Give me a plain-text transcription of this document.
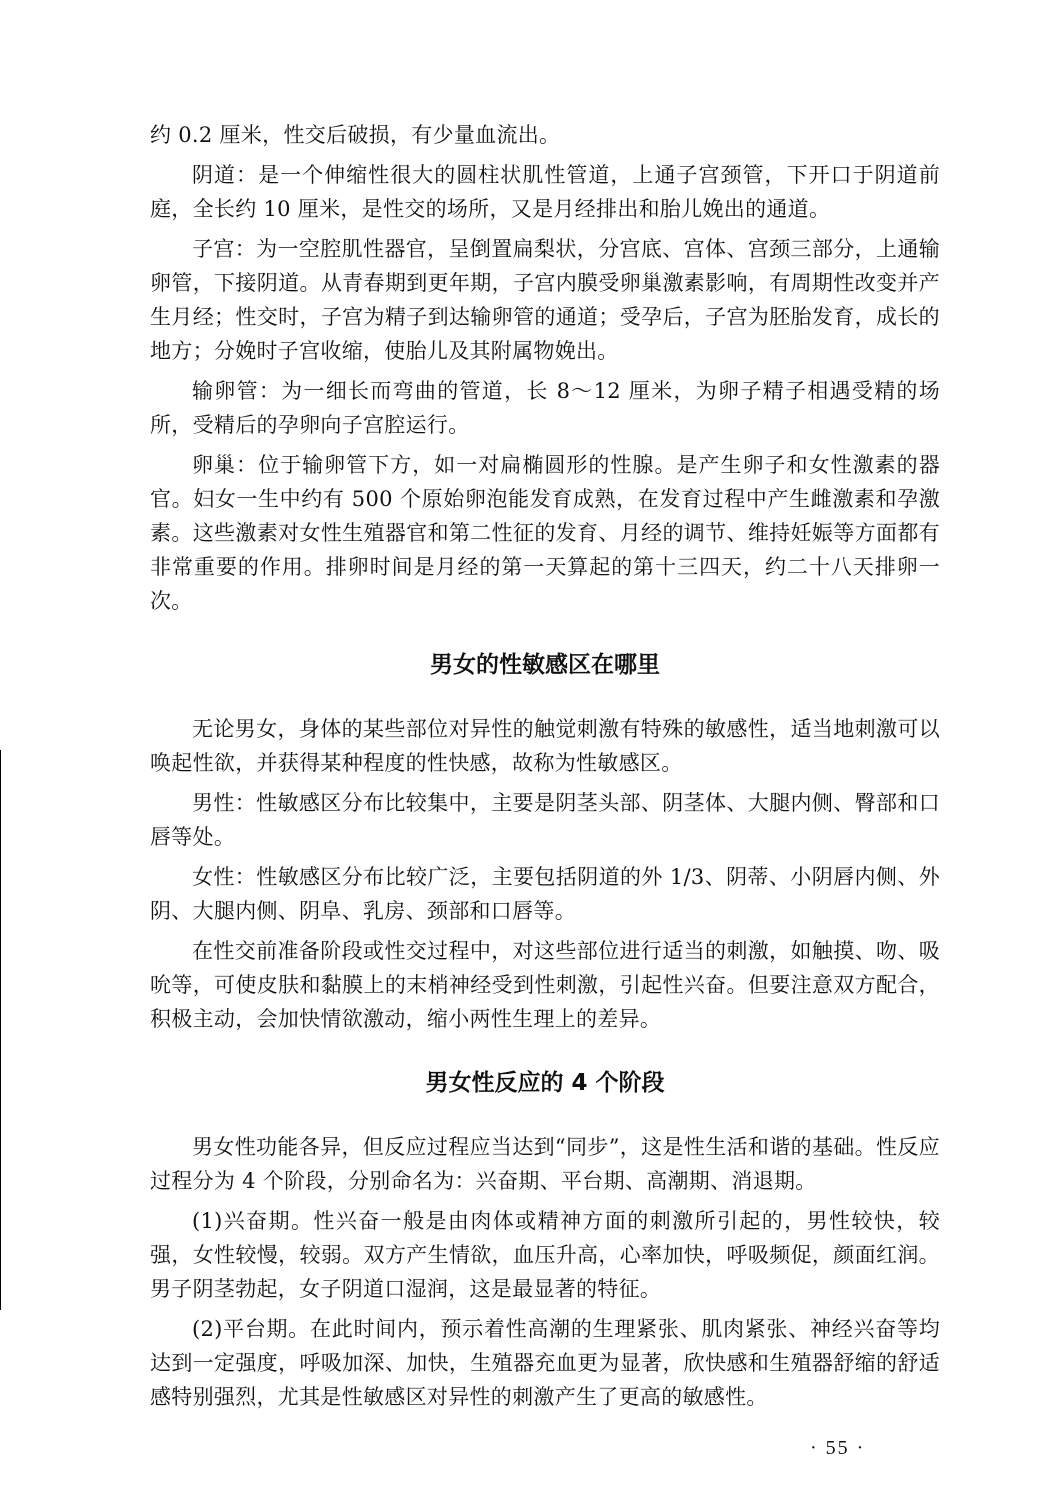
约 0.2 厘米，性交后破损，有少量血流出。

阴道：是一个伸缩性很大的圆柱状肌性管道，上通子宫颈管，下开口于阴道前庭，全长约 10 厘米，是性交的场所，又是月经排出和胎儿娩出的通道。

子宫：为一空腔肌性器官，呈倒置扁梨状，分宫底、宫体、宫颈三部分，上通输卵管，下接阴道。从青春期到更年期，子宫内膜受卵巢激素影响，有周期性改变并产生月经；性交时，子宫为精子到达输卵管的通道；受孕后，子宫为胚胎发育，成长的地方；分娩时子宫收缩，使胎儿及其附属物娩出。

输卵管：为一细长而弯曲的管道，长 8～12 厘米，为卵子精子相遇受精的场所，受精后的孕卵向子宫腔运行。

卵巢：位于输卵管下方，如一对扁椭圆形的性腺。是产生卵子和女性激素的器官。妇女一生中约有 500 个原始卵泡能发育成熟，在发育过程中产生雌激素和孕激素。这些激素对女性生殖器官和第二性征的发育、月经的调节、维持妊娠等方面都有非常重要的作用。排卵时间是月经的第一天算起的第十三四天，约二十八天排卵一次。

男女的性敏感区在哪里

无论男女，身体的某些部位对异性的触觉刺激有特殊的敏感性，适当地刺激可以唤起性欲，并获得某种程度的性快感，故称为性敏感区。

男性：性敏感区分布比较集中，主要是阴茎头部、阴茎体、大腿内侧、臀部和口唇等处。

女性：性敏感区分布比较广泛，主要包括阴道的外 1/3、阴蒂、小阴唇内侧、外阴、大腿内侧、阴阜、乳房、颈部和口唇等。

在性交前准备阶段或性交过程中，对这些部位进行适当的刺激，如触摸、吻、吸吮等，可使皮肤和黏膜上的末梢神经受到性刺激，引起性兴奋。但要注意双方配合，积极主动，会加快情欲激动，缩小两性生理上的差异。

男女性反应的 4 个阶段

男女性功能各异，但反应过程应当达到“同步”，这是性生活和谐的基础。性反应过程分为 4 个阶段，分别命名为：兴奋期、平台期、高潮期、消退期。

(1)兴奋期。性兴奋一般是由肉体或精神方面的刺激所引起的，男性较快，较强，女性较慢，较弱。双方产生情欲，血压升高，心率加快，呼吸频促，颜面红润。男子阴茎勃起，女子阴道口湿润，这是最显著的特征。

(2)平台期。在此时间内，预示着性高潮的生理紧张、肌肉紧张、神经兴奋等均达到一定强度，呼吸加深、加快，生殖器充血更为显著，欣快感和生殖器舒缩的舒适感特别强烈，尤其是性敏感区对异性的刺激产生了更高的敏感性。

· 55 ·
